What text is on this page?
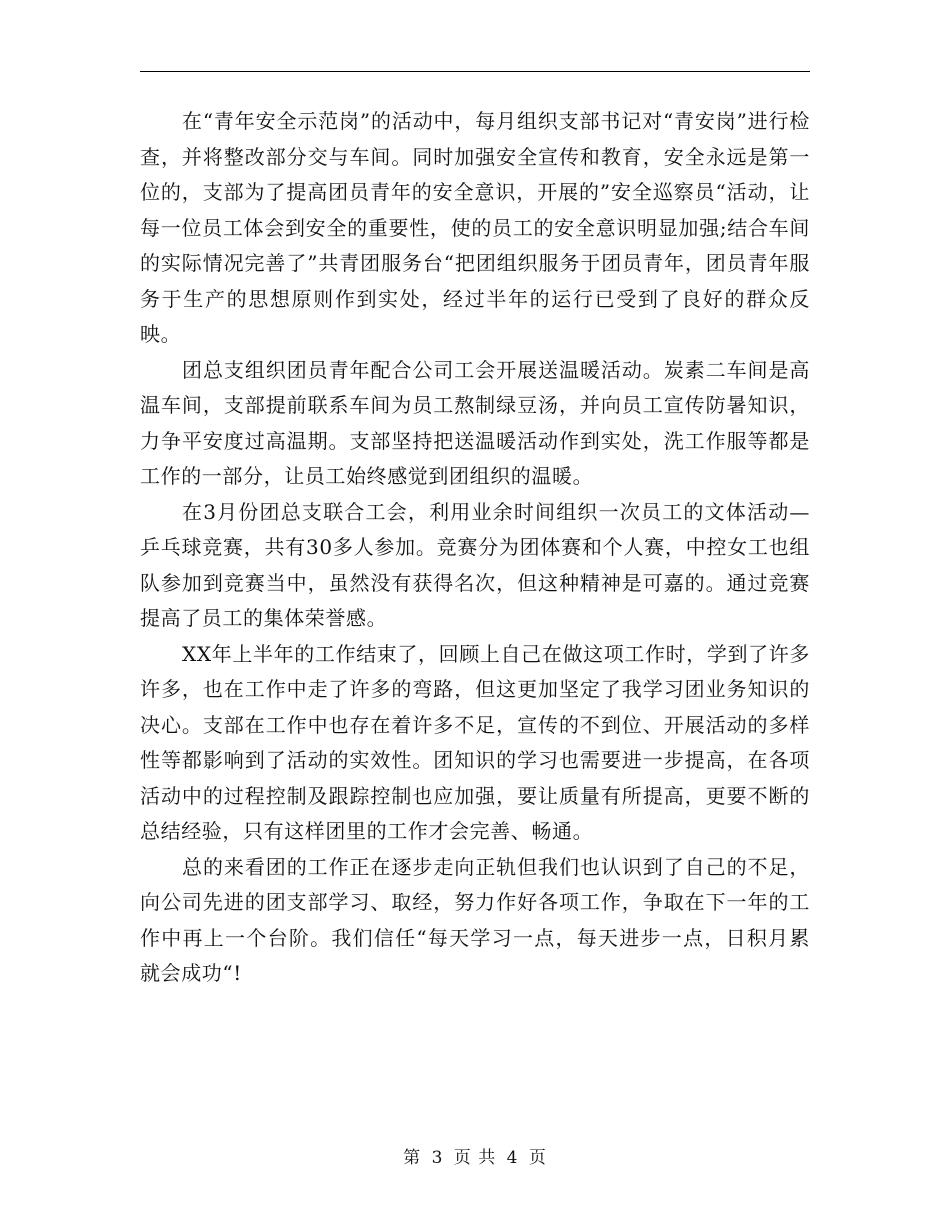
在“青年安全示范岗”的活动中，每月组织支部书记对“青安岗”进行检查，并将整改部分交与车间。同时加强安全宣传和教育，安全永远是第一位的，支部为了提高团员青年的安全意识，开展的”安全巡察员“活动，让每一位员工体会到安全的重要性，使的员工的安全意识明显加强;结合车间的实际情况完善了”共青团服务台“把团组织服务于团员青年，团员青年服务于生产的思想原则作到实处，经过半年的运行已受到了良好的群众反映。

团总支组织团员青年配合公司工会开展送温暖活动。炭素二车间是高温车间，支部提前联系车间为员工熬制绿豆汤，并向员工宣传防暑知识，力争平安度过高温期。支部坚持把送温暖活动作到实处，洗工作服等都是工作的一部分，让员工始终感觉到团组织的温暖。

在3月份团总支联合工会，利用业余时间组织一次员工的文体活动—乒乓球竞赛，共有30多人参加。竞赛分为团体赛和个人赛，中控女工也组队参加到竞赛当中，虽然没有获得名次，但这种精神是可嘉的。通过竞赛提高了员工的集体荣誉感。

XX年上半年的工作结束了，回顾上自己在做这项工作时，学到了许多许多，也在工作中走了许多的弯路，但这更加坚定了我学习团业务知识的决心。支部在工作中也存在着许多不足，宣传的不到位、开展活动的多样性等都影响到了活动的实效性。团知识的学习也需要进一步提高，在各项活动中的过程控制及跟踪控制也应加强，要让质量有所提高，更要不断的总结经验，只有这样团里的工作才会完善、畅通。

总的来看团的工作正在逐步走向正轨但我们也认识到了自己的不足，向公司先进的团支部学习、取经，努力作好各项工作，争取在下一年的工作中再上一个台阶。我们信任“每天学习一点，每天进步一点，日积月累就会成功“!

第 3 页 共 4 页
